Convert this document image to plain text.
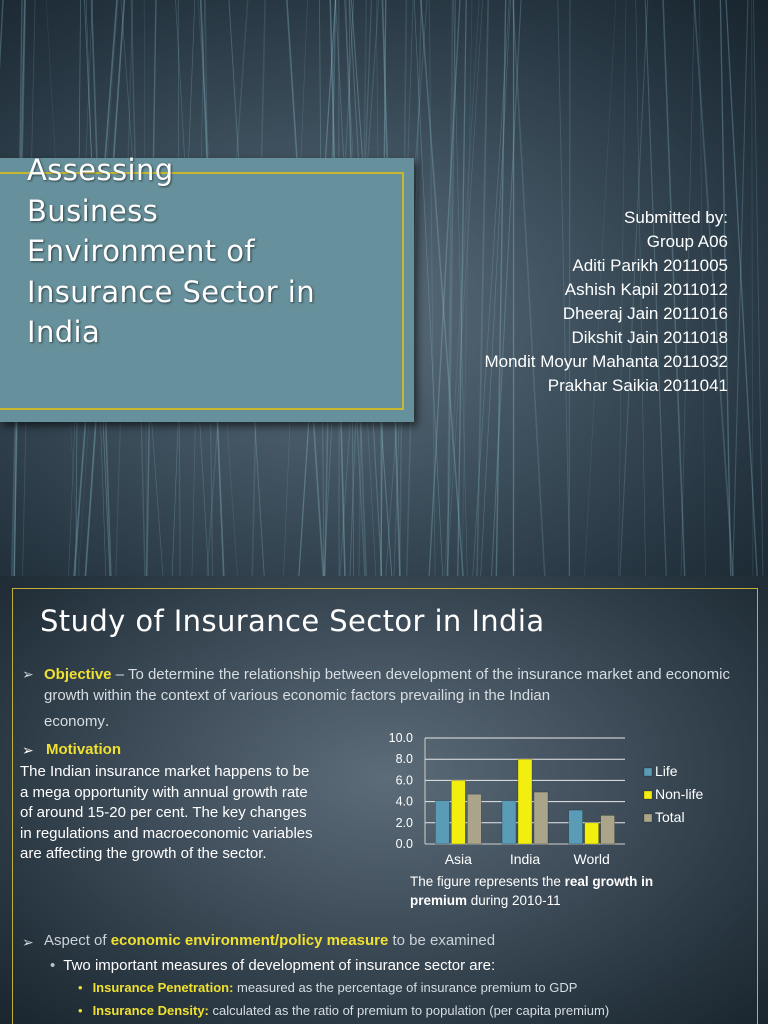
Assessing
Business
Environment of
Insurance Sector in
India
Submitted by:
Group A06
Aditi Parikh 2011005
Ashish Kapil 2011012
Dheeraj Jain 2011016
Dikshit Jain 2011018
Mondit Moyur Mahanta 2011032
Prakhar Saikia 2011041
Study of Insurance Sector in India
➢ Objective – To determine the relationship between development of the insurance market and economic growth within the context of various economic factors prevailing in the Indian
economy.
➢ Motivation
The Indian insurance market happens to be a mega opportunity with annual growth rate of around 15-20 per cent. The key changes in regulations and macroeconomic variables are affecting the growth of the sector.
0.0
2.0
4.0
6.0
8.0
10.0
Asia	India World
Life
Non-life
Total
The figure represents the real growth in premium during 2010-11
➢ Aspect of economic environment/policy measure to be examined
• Two important measures of development of insurance sector are:
• Insurance Penetration: measured as the percentage of insurance premium to GDP
• Insurance Density: calculated as the ratio of premium to population (per capita premium)
